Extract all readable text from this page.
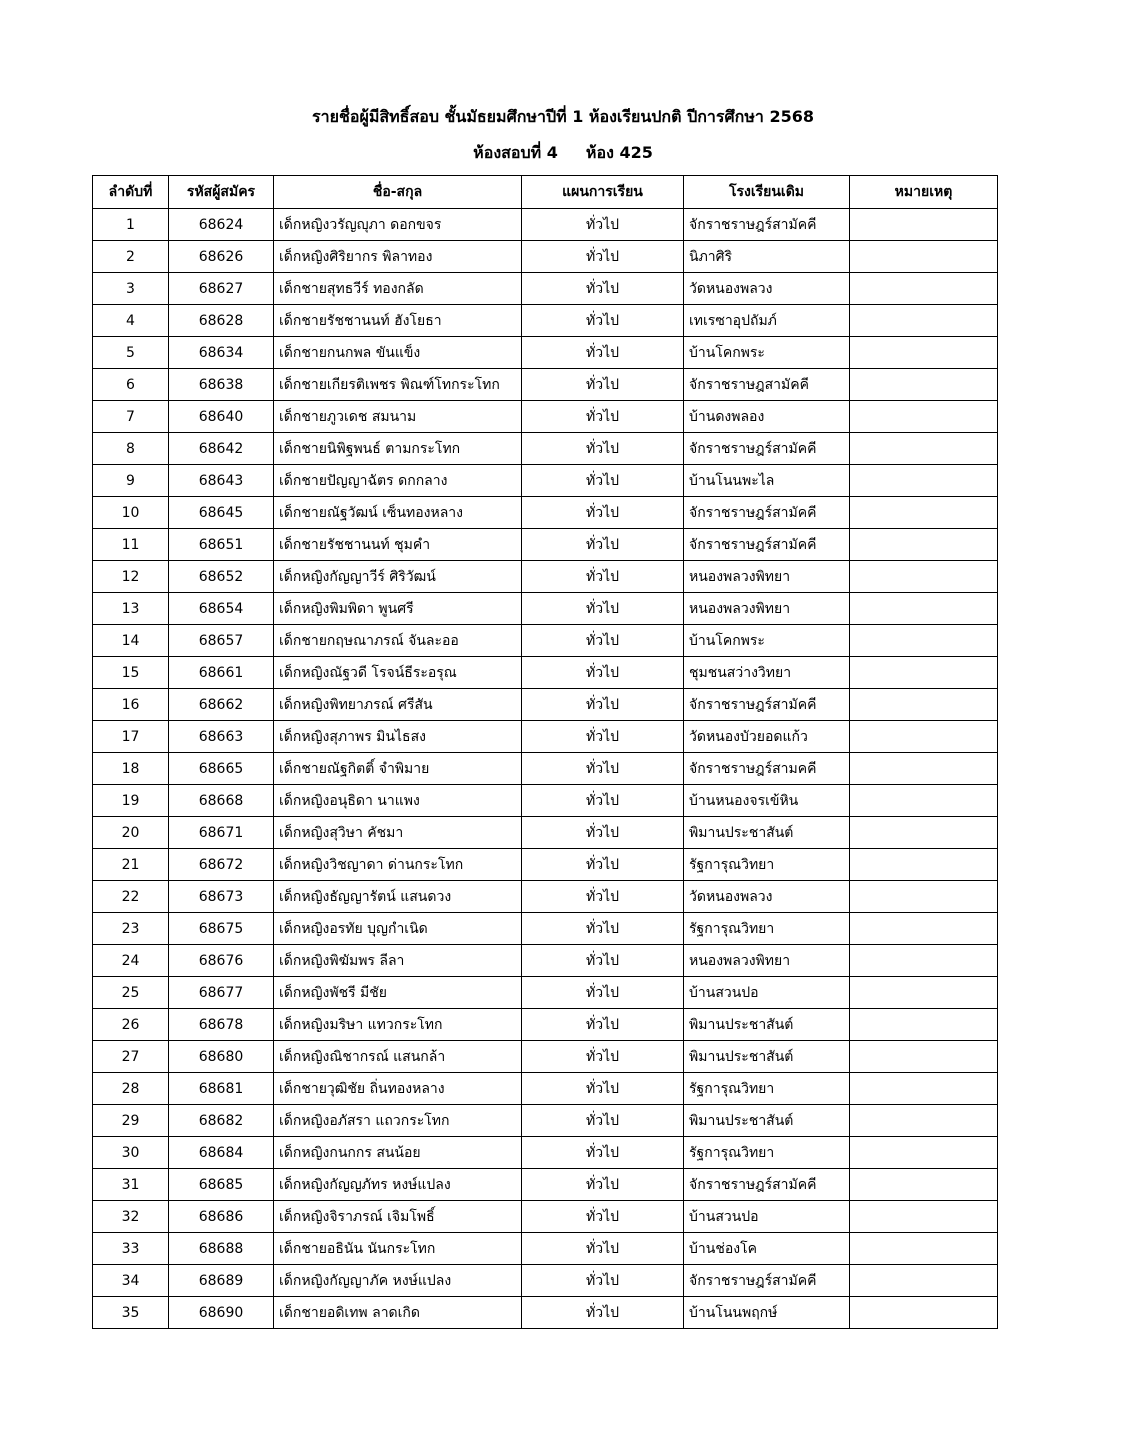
รายชื่อผู้มีสิทธิ์สอบ ชั้นมัธยมศึกษาปีที่ 1 ห้องเรียนปกติ ปีการศึกษา 2568
ห้องสอบที่ 4 ห้อง 425
ลำดับที่	รหัสผู้สมัคร	ชื่อ-สกุล	แผนการเรียน	โรงเรียนเดิม	หมายเหตุ
1	68624	เด็กหญิงวรัญญุภา ดอกขจร	ทั่วไป	จักราชราษฎร์สามัคคี	
2	68626	เด็กหญิงศิริยากร พิลาทอง	ทั่วไป	นิภาศิริ	
3	68627	เด็กชายสุทธวีร์ ทองกลัด	ทั่วไป	วัดหนองพลวง	
4	68628	เด็กชายรัชชานนท์ ฮังโยธา	ทั่วไป	เทเรซาอุปถัมภ์	
5	68634	เด็กชายกนกพล ขันแข็ง	ทั่วไป	บ้านโคกพระ	
6	68638	เด็กชายเกียรติเพชร พิณฑ์โทกระโทก	ทั่วไป	จักราชราษฎสามัคคี	
7	68640	เด็กชายภูวเดช สมนาม	ทั่วไป	บ้านดงพลอง	
8	68642	เด็กชายนิพิฐพนธ์ ตามกระโทก	ทั่วไป	จักราชราษฎร์สามัคคี	
9	68643	เด็กชายปัญญาฉัตร ดกกลาง	ทั่วไป	บ้านโนนพะไล	
10	68645	เด็กชายณัฐวัฒน์ เซ็นทองหลาง	ทั่วไป	จักราชราษฎร์สามัคคี	
11	68651	เด็กชายรัชชานนท์ ชุมคำ	ทั่วไป	จักราชราษฎร์สามัคคี	
12	68652	เด็กหญิงกัญญาวีร์ ศิริวัฒน์	ทั่วไป	หนองพลวงพิทยา	
13	68654	เด็กหญิงพิมพิดา พูนศรี	ทั่วไป	หนองพลวงพิทยา	
14	68657	เด็กชายกฤษณาภรณ์ จันละออ	ทั่วไป	บ้านโคกพระ	
15	68661	เด็กหญิงณัฐวดี โรจน์ธีระอรุณ	ทั่วไป	ชุมชนสว่างวิทยา	
16	68662	เด็กหญิงพิทยาภรณ์ ศรีสัน	ทั่วไป	จักราชราษฎร์สามัคคี	
17	68663	เด็กหญิงสุภาพร มินไธสง	ทั่วไป	วัดหนองบัวยอดแก้ว	
18	68665	เด็กชายณัฐกิตติ์ จำพิมาย	ทั่วไป	จักราชราษฎร์สามคคี	
19	68668	เด็กหญิงอนุธิดา นาแพง	ทั่วไป	บ้านหนองจรเข้หิน	
20	68671	เด็กหญิงสุวิษา คัชมา	ทั่วไป	พิมานประชาสันต์	
21	68672	เด็กหญิงวิชญาดา ด่านกระโทก	ทั่วไป	รัฐการุณวิทยา	
22	68673	เด็กหญิงธัญญารัตน์ แสนดวง	ทั่วไป	วัดหนองพลวง	
23	68675	เด็กหญิงอรทัย บุญกำเนิด	ทั่วไป	รัฐการุณวิทยา	
24	68676	เด็กหญิงพิฆัมพร ลีลา	ทั่วไป	หนองพลวงพิทยา	
25	68677	เด็กหญิงพัชรี มีชัย	ทั่วไป	บ้านสวนปอ	
26	68678	เด็กหญิงมริษา แทวกระโทก	ทั่วไป	พิมานประชาสันต์	
27	68680	เด็กหญิงณิชากรณ์ แสนกล้า	ทั่วไป	พิมานประชาสันต์	
28	68681	เด็กชายวุฒิชัย ถิ่นทองหลาง	ทั่วไป	รัฐการุณวิทยา	
29	68682	เด็กหญิงอภัสรา แถวกระโทก	ทั่วไป	พิมานประชาสันต์	
30	68684	เด็กหญิงกนกกร สนน้อย	ทั่วไป	รัฐการุณวิทยา	
31	68685	เด็กหญิงกัญญภัทร หงษ์แปลง	ทั่วไป	จักราชราษฎร์สามัคคี	
32	68686	เด็กหญิงจิราภรณ์ เจิมโพธิ์	ทั่วไป	บ้านสวนปอ	
33	68688	เด็กชายอธินัน นันกระโทก	ทั่วไป	บ้านช่องโค	
34	68689	เด็กหญิงกัญญาภัค หงษ์แปลง	ทั่วไป	จักราชราษฎร์สามัคคี	
35	68690	เด็กชายอดิเทพ ลาดเกิด	ทั่วไป	บ้านโนนพฤกษ์	
